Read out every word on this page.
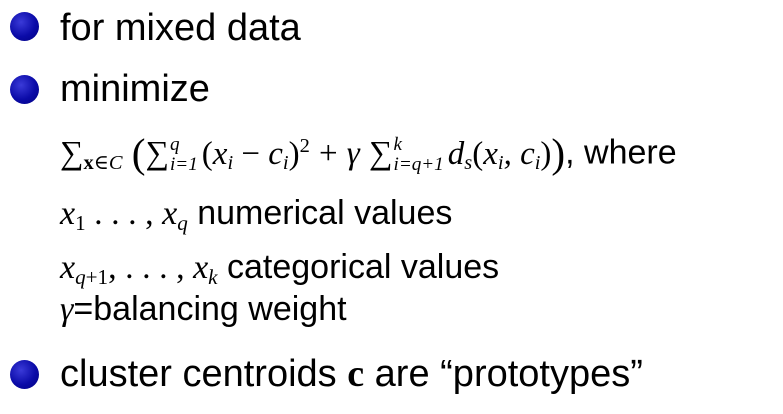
for mixed data
minimize
$\sum_{x\in C}$ (∑ q
i=1 $(x_i - c_i)^2 + \gamma$ ∑ k
i=q+1 $d_s(x_i$, $c_i$)), where
$x_1$ . . . , $x_q$ numerical values
$x_{q+1}$, . . . , $x_k$ categorical values
γ=balancing weight
cluster centroids c are “prototypes”
